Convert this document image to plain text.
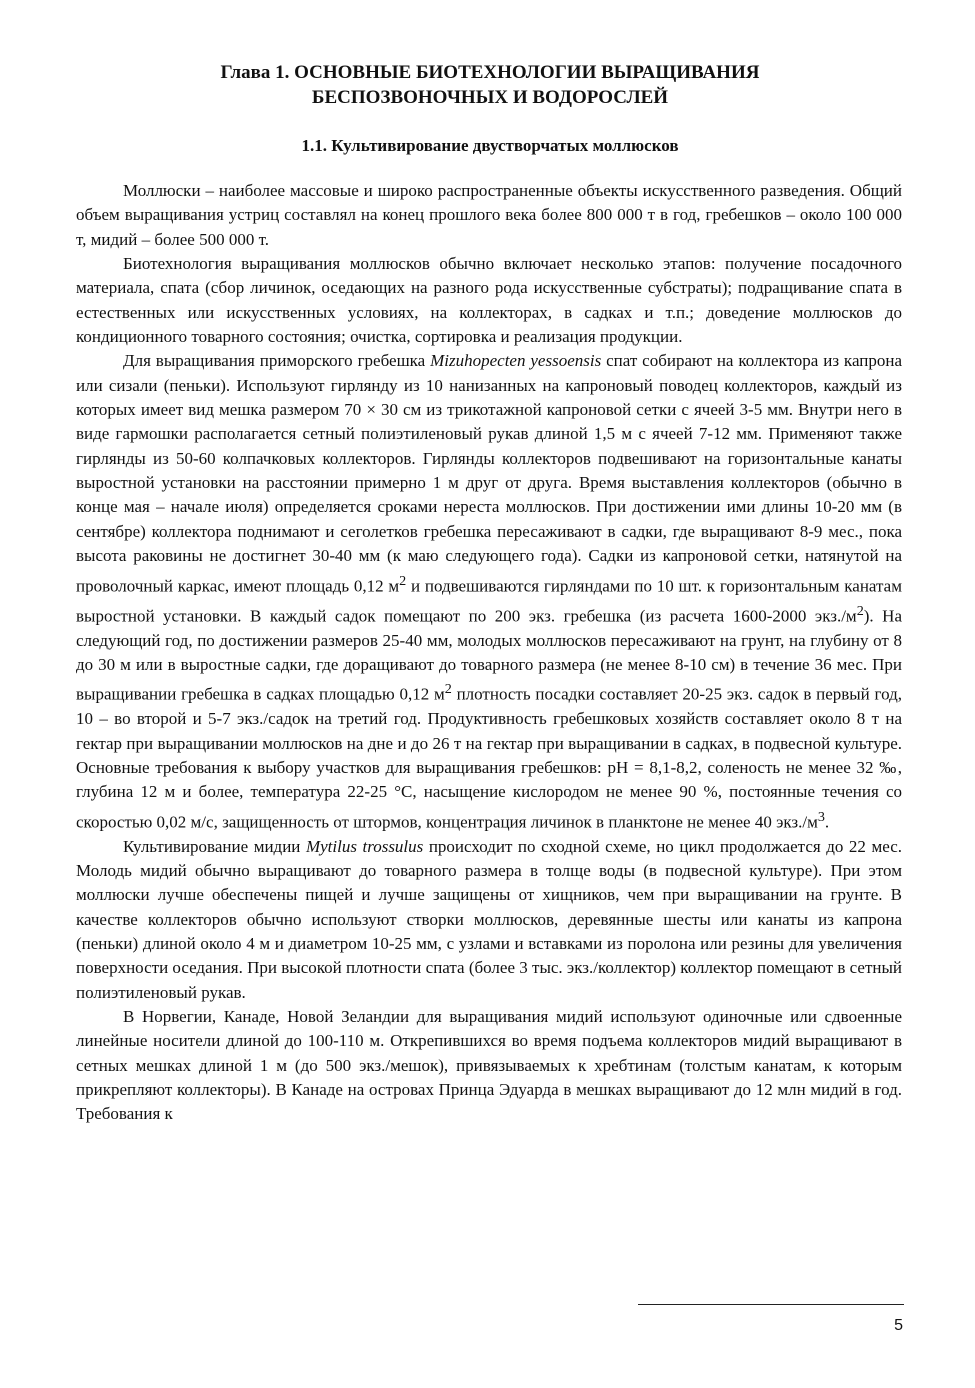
Глава 1. ОСНОВНЫЕ БИОТЕХНОЛОГИИ ВЫРАЩИВАНИЯ
БЕСПОЗВОНОЧНЫХ И ВОДОРОСЛЕЙ
1.1. Культивирование двустворчатых моллюсков

Моллюски – наиболее массовые и широко распространенные объекты искусственного разведения. Общий объем выращивания устриц составлял на конец прошлого века более 800 000 т в год, гребешков – около 100 000 т, мидий – более 500 000 т.

Биотехнология выращивания моллюсков обычно включает несколько этапов: получение посадочного материала, спата (сбор личинок, оседающих на разного рода искусственные субстраты); подращивание спата в естественных или искусственных условиях, на коллекторах, в садках и т.п.; доведение моллюсков до кондиционного товарного состояния; очистка, сортировка и реализация продукции.

Для выращивания приморского гребешка Mizuhopecten yessoensis спат собирают на коллектора из капрона или сизали (пеньки). Используют гирлянду из 10 нанизанных на капроновый поводец коллекторов, каждый из которых имеет вид мешка размером 70 × 30 см из трикотажной капроновой сетки с ячеей 3-5 мм. Внутри него в виде гармошки располагается сетный полиэтиленовый рукав длиной 1,5 м с ячеей 7-12 мм. Применяют также гирлянды из 50-60 колпачковых коллекторов. Гирлянды коллекторов подвешивают на горизонтальные канаты выростной установки на расстоянии примерно 1 м друг от друга. Время выставления коллекторов (обычно в конце мая – начале июля) определяется сроками нереста моллюсков. При достижении ими длины 10-20 мм (в сентябре) коллектора поднимают и сеголетков гребешка пересаживают в садки, где выращивают 8-9 мес., пока высота раковины не достигнет 30-40 мм (к маю следующего года). Садки из капроновой сетки, натянутой на проволочный каркас, имеют площадь 0,12 $м^2$ и подвешиваются гирляндами по 10 шт. к горизонтальным канатам выростной установки. В каждый садок помещают по 200 экз. гребешка (из расчета 1600-2000 $экз./м^2$). На следующий год, по достижении размеров 25-40 мм, молодых моллюсков пересаживают на грунт, на глубину от 8 до 30 м или в выростные садки, где доращивают до товарного размера (не менее 8-10 см) в течение 36 мес. При выращивании гребешка в садках площадью 0,12 $м^2$ плотность посадки составляет 20-25 экз. садок в первый год, 10 – во второй и 5-7 экз./садок на третий год. Продуктивность гребешковых хозяйств составляет около 8 т на гектар при выращивании моллюсков на дне и до 26 т на гектар при выращивании в садках, в подвесной культуре. Основные требования к выбору участков для выращивания гребешков: pH = 8,1-8,2, соленость не менее 32 ‰, глубина 12 м и более, температура 22-25 °С, насыщение кислородом не менее 90 %, постоянные течения со скоростью 0,02 м/с, защищенность от штормов, концентрация личинок в планктоне не менее 40 $экз./м^3$.

Культивирование мидии Mytilus trossulus происходит по сходной схеме, но цикл продолжается до 22 мес. Молодь мидий обычно выращивают до товарного размера в толще воды (в подвесной культуре). При этом моллюски лучше обеспечены пищей и лучше защищены от хищников, чем при выращивании на грунте. В качестве коллекторов обычно используют створки моллюсков, деревянные шесты или канаты из капрона (пеньки) длиной около 4 м и диаметром 10-25 мм, с узлами и вставками из поролона или резины для увеличения поверхности оседания. При высокой плотности спата (более 3 тыс. экз./коллектор) коллектор помещают в сетный полиэтиленовый рукав.

В Норвегии, Канаде, Новой Зеландии для выращивания мидий используют одиночные или сдвоенные линейные носители длиной до 100-110 м. Открепившихся во время подъема коллекторов мидий выращивают в сетных мешках длиной 1 м (до 500 экз./мешок), привязываемых к хребтинам (толстым канатам, к которым прикрепляют коллекторы). В Канаде на островах Принца Эдуарда в мешках выращивают до 12 млн мидий в год. Требования к

5
